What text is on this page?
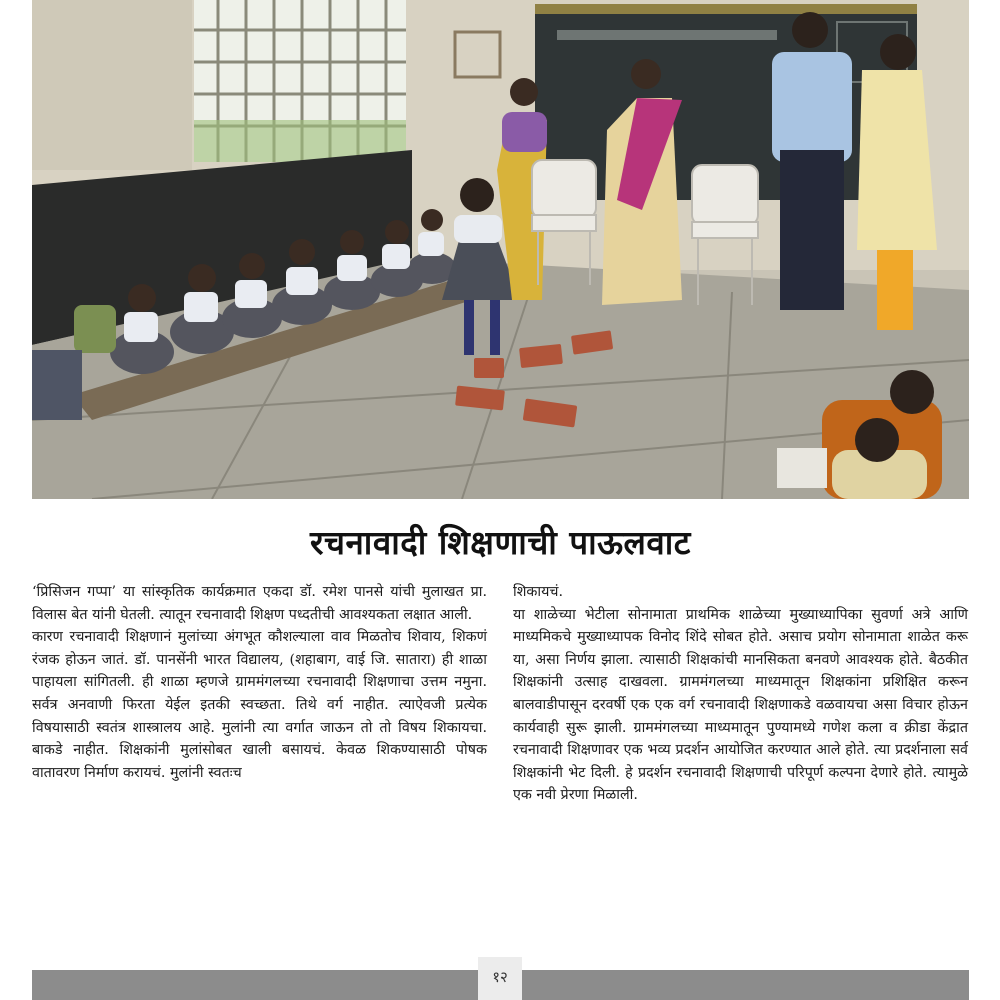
रचनावादी शिक्षणाची पाऊलवाट

‘प्रिसिजन गप्पा’ या सांस्कृतिक कार्यक्रमात एकदा डॉ. रमेश पानसे यांची मुलाखत प्रा. विलास बेत यांनी घेतली. त्यातून रचनावादी शिक्षण पध्दतीची आवश्यकता लक्षात आली.

कारण रचनावादी शिक्षणानं मुलांच्या अंगभूत कौशल्याला वाव मिळतोच शिवाय, शिकणं रंजक होऊन जातं. डॉ. पानसेंनी भारत विद्यालय, (शहाबाग, वाई जि. सातारा) ही शाळा पाहायला सांगितली. ही शाळा म्हणजे ग्राममंगलच्या रचनावादी शिक्षणाचा उत्तम नमुना. सर्वत्र अनवाणी फिरता येईल इतकी स्वच्छता. तिथे वर्ग नाहीत. त्याऐवजी प्रत्येक विषयासाठी स्वतंत्र शास्त्रालय आहे. मुलांनी त्या वर्गात जाऊन तो तो विषय शिकायचा. बाकडे नाहीत. शिक्षकांनी मुलांसोबत खाली बसायचं. केवळ शिकण्यासाठी पोषक वातावरण निर्माण करायचं. मुलांनी स्वतःच

शिकायचं.

या शाळेच्या भेटीला सोनामाता प्राथमिक शाळेच्या मुख्याध्यापिका सुवर्णा अत्रे आणि माध्यमिकचे मुख्याध्यापक विनोद शिंदे सोबत होते. असाच प्रयोग सोनामाता शाळेत करू या, असा निर्णय झाला. त्यासाठी शिक्षकांची मानसिकता बनवणे आवश्यक होते. बैठकीत शिक्षकांनी उत्साह दाखवला. ग्राममंगलच्या माध्यमातून शिक्षकांना प्रशिक्षित करून बालवाडीपासून दरवर्षी एक एक वर्ग रचनावादी शिक्षणाकडे वळवायचा असा विचार होऊन कार्यवाही सुरू झाली. ग्राममंगलच्या माध्यमातून पुण्यामध्ये गणेश कला व क्रीडा केंद्रात रचनावादी शिक्षणावर एक भव्य प्रदर्शन आयोजित करण्यात आले होते. त्या प्रदर्शनाला सर्व शिक्षकांनी भेट दिली. हे प्रदर्शन रचनावादी शिक्षणाची परिपूर्ण कल्पना देणारे होते. त्यामुळे एक नवी प्रेरणा मिळाली.

१२
